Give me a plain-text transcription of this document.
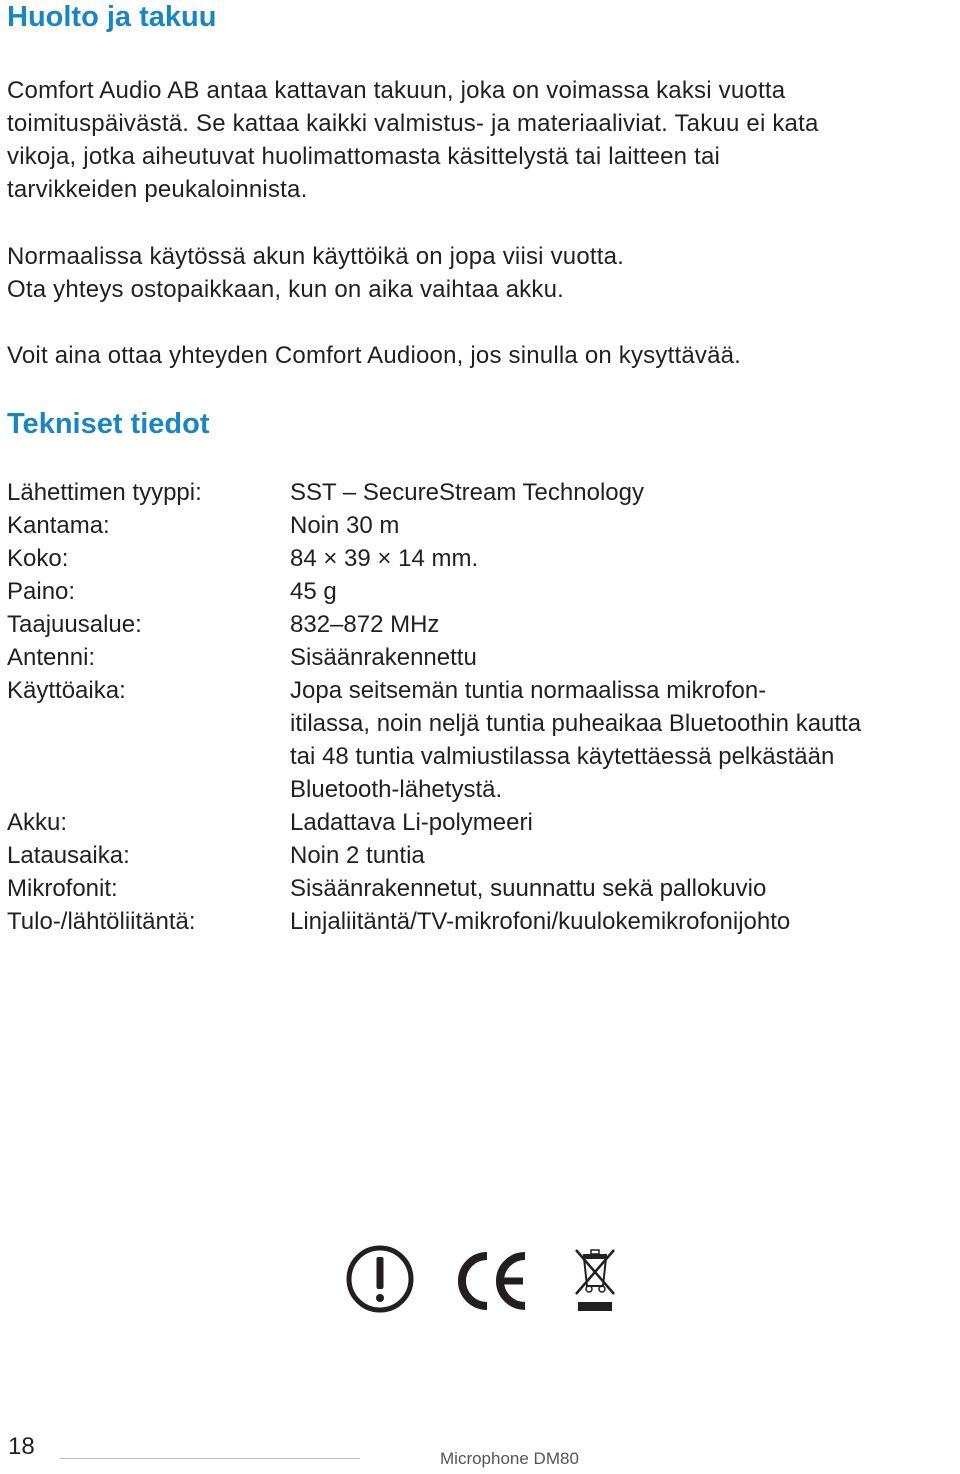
Huolto ja takuu
Comfort Audio AB antaa kattavan takuun, joka on voimassa kaksi vuotta
toimituspäivästä. Se kattaa kaikki valmistus- ja materiaaliviat. Takuu ei kata
vikoja, jotka aiheutuvat huolimattomasta käsittelystä tai laitteen tai
tarvikkeiden peukaloinnista.
Normaalissa käytössä akun käyttöikä on jopa viisi vuotta.
Ota yhteys ostopaikkaan, kun on aika vaihtaa akku.
Voit aina ottaa yhteyden Comfort Audioon, jos sinulla on kysyttävää.
Tekniset tiedot
Lähettimen tyyppi:	SST – SecureStream Technology
Kantama:	Noin 30 m
Koko:	84 × 39 × 14 mm.
Paino:	45 g
Taajuusalue:	832–872 MHz
Antenni:	Sisäänrakennettu
Käyttöaika:	Jopa seitsemän tuntia normaalissa mikrofon-
itilassa, noin neljä tuntia puheaikaa Bluetoothin kautta
tai 48 tuntia valmiustilassa käytettäessä pelkästään
Bluetooth-lähetystä.
Akku:	Ladattava Li-polymeeri
Latausaika:	Noin 2 tuntia
Mikrofonit:	Sisäänrakennetut, suunnattu sekä pallokuvio
Tulo-/lähtöliitäntä:	Linjaliitäntä/TV-mikrofoni/kuulokemikrofonijohto
18	Microphone DM80
